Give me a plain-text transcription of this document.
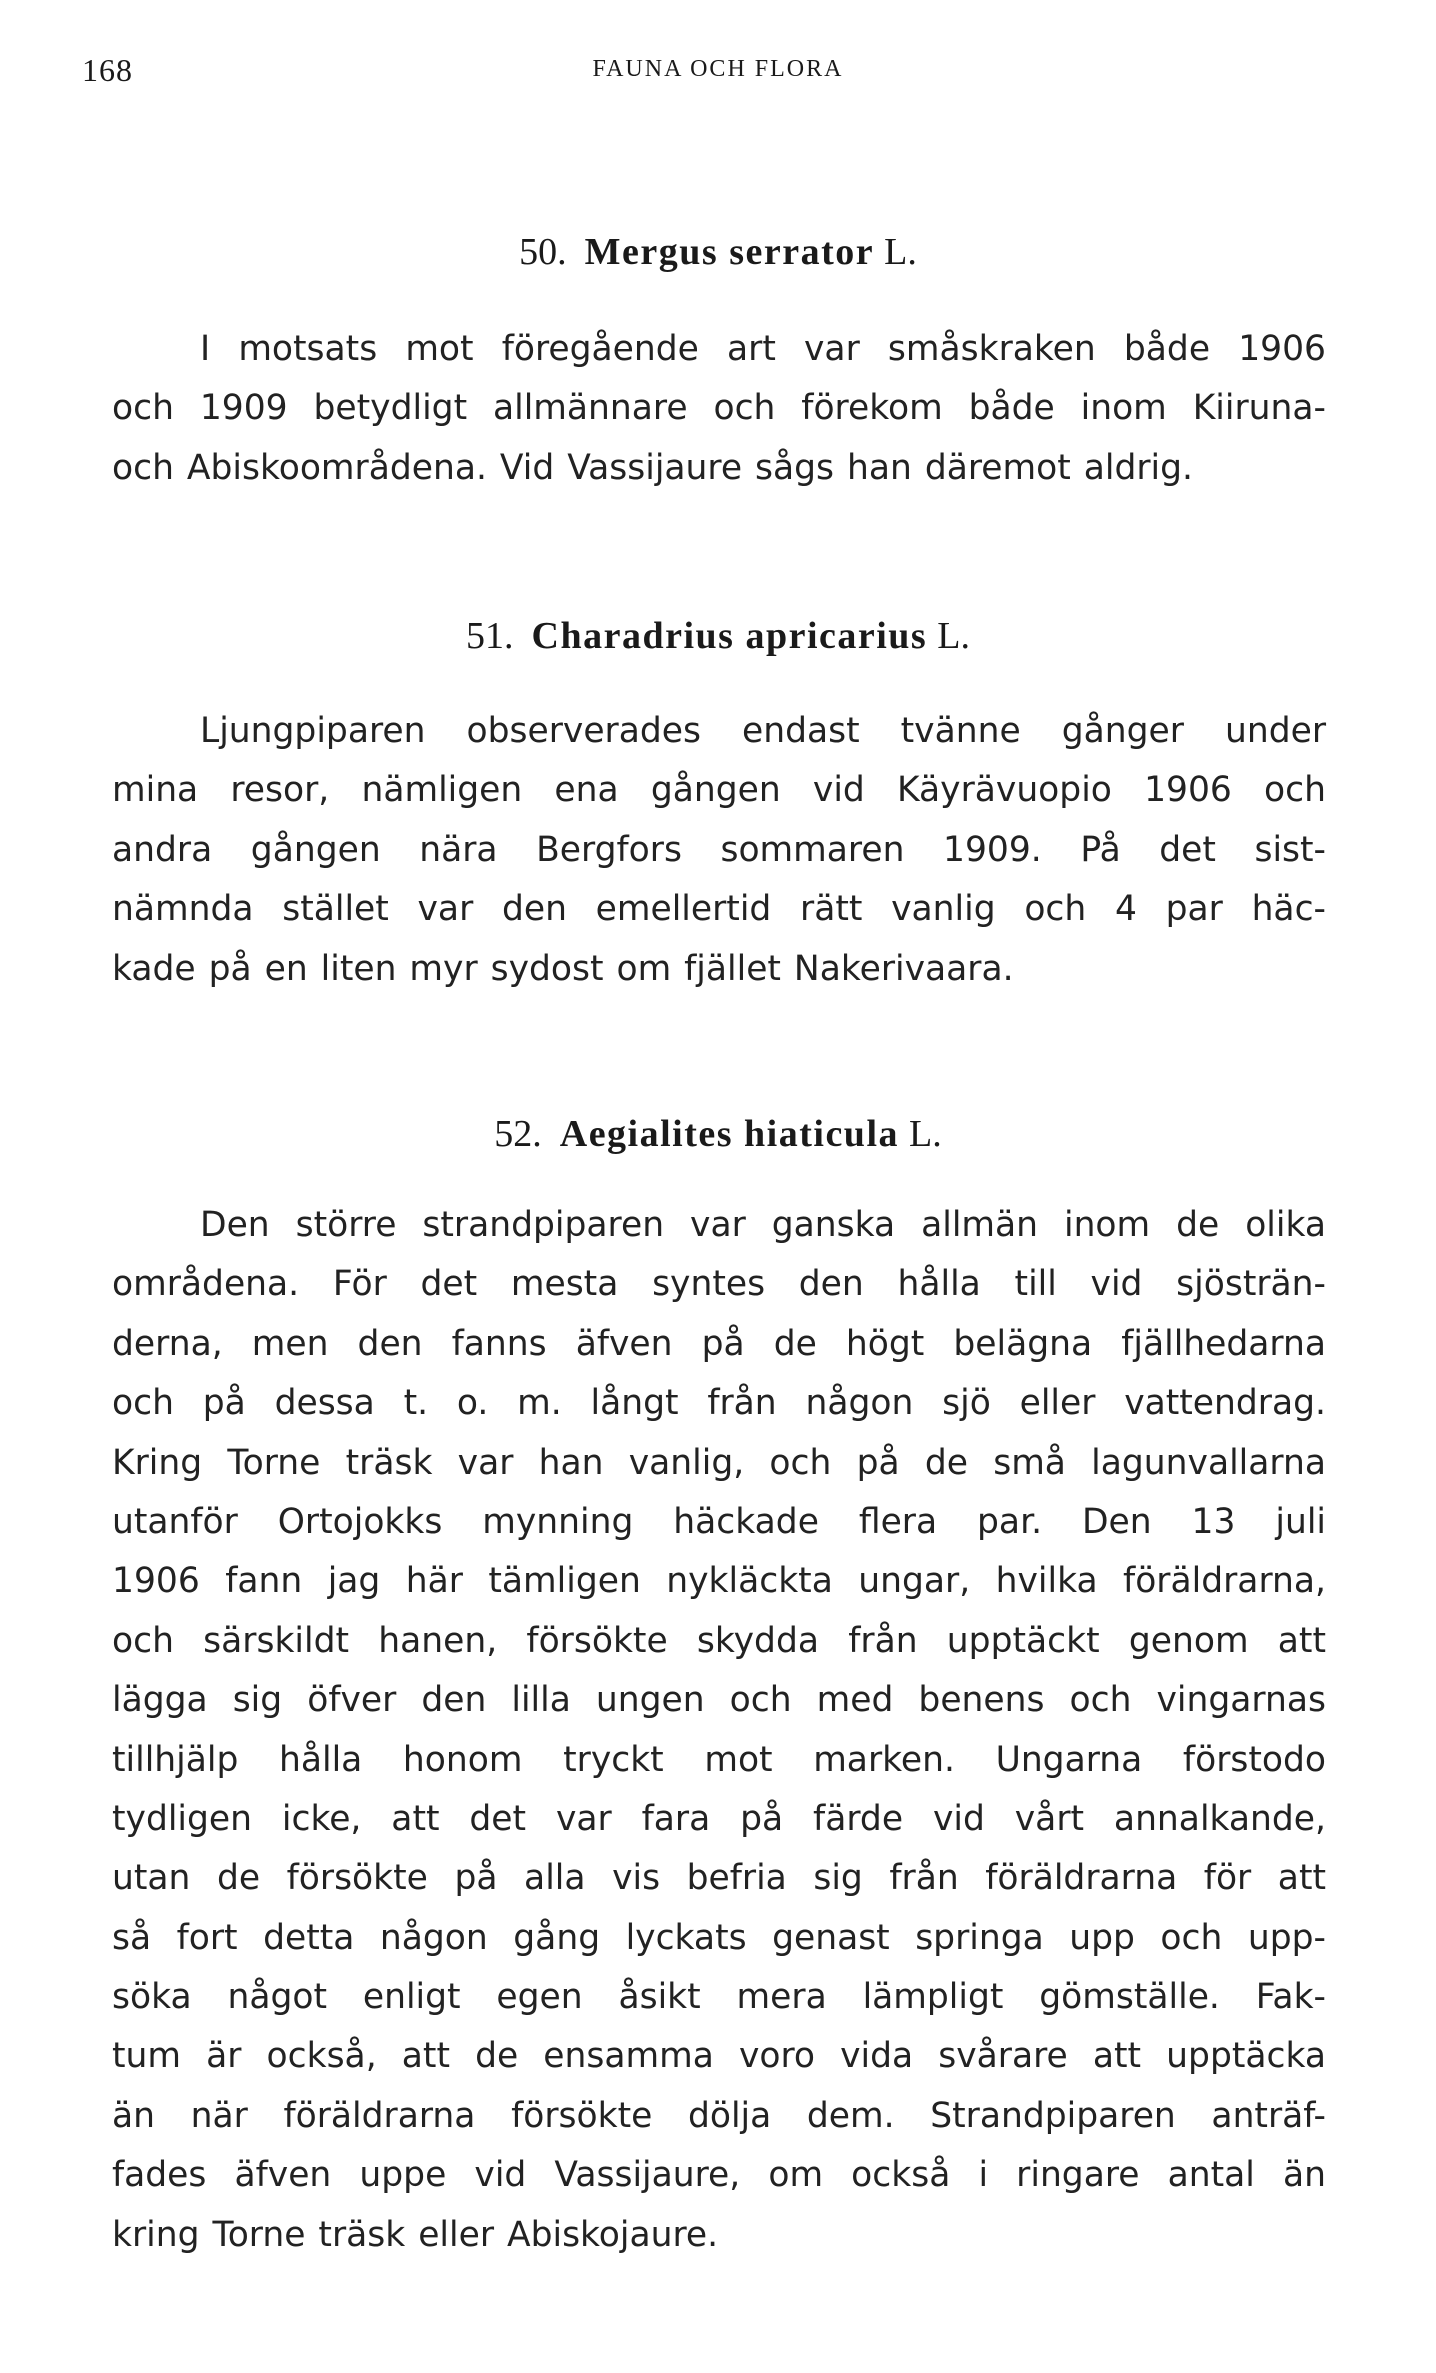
168	FAUNA OCH FLORA
50. Mergus serrator L.
I motsats mot föregående art var småskraken både 1906
och 1909 betydligt allmännare och förekom både inom Kiiruna-
och Abiskoområdena. Vid Vassijaure sågs han däremot aldrig.
51. Charadrius apricarius L.
Ljungpiparen observerades endast tvänne gånger under
mina resor, nämligen ena gången vid Käyrävuopio 1906 och
andra gången nära Bergfors sommaren 1909. På det sist-
nämnda stället var den emellertid rätt vanlig och 4 par häc-
kade på en liten myr sydost om fjället Nakerivaara.
52. Aegialites hiaticula L.
Den större strandpiparen var ganska allmän inom de olika
områdena. För det mesta syntes den hålla till vid sjösträn-
derna, men den fanns äfven på de högt belägna fjällhedarna
och på dessa t. o. m. långt från någon sjö eller vattendrag.
Kring Torne träsk var han vanlig, och på de små lagunvallarna
utanför Ortojokks mynning häckade flera par. Den 13 juli
1906 fann jag här tämligen nykläckta ungar, hvilka föräldrarna,
och särskildt hanen, försökte skydda från upptäckt genom att
lägga sig öfver den lilla ungen och med benens och vingarnas
tillhjälp hålla honom tryckt mot marken. Ungarna förstodo
tydligen icke, att det var fara på färde vid vårt annalkande,
utan de försökte på alla vis befria sig från föräldrarna för att
så fort detta någon gång lyckats genast springa upp och upp-
söka något enligt egen åsikt mera lämpligt gömställe. Fak-
tum är också, att de ensamma voro vida svårare att upptäcka
än när föräldrarna försökte dölja dem. Strandpiparen anträf-
fades äfven uppe vid Vassijaure, om också i ringare antal än
kring Torne träsk eller Abiskojaure.
